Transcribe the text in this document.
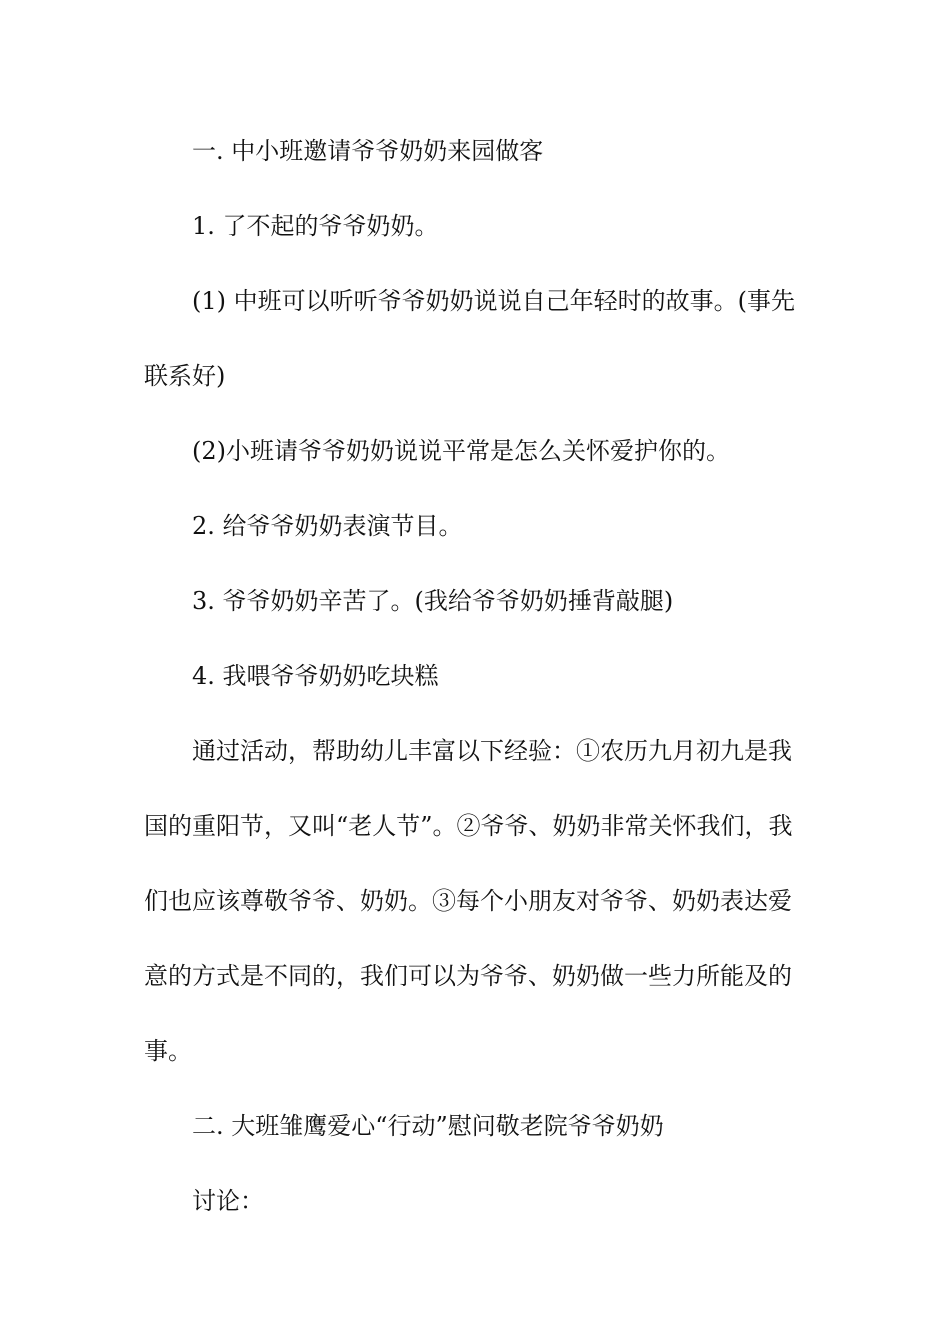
一. 中小班邀请爷爷奶奶来园做客

1. 了不起的爷爷奶奶。

(1) 中班可以听听爷爷奶奶说说自己年轻时的故事。(事先联系好)

(2)小班请爷爷奶奶说说平常是怎么关怀爱护你的。

2. 给爷爷奶奶表演节目。

3. 爷爷奶奶辛苦了。(我给爷爷奶奶捶背敲腿)

4. 我喂爷爷奶奶吃块糕

通过活动，帮助幼儿丰富以下经验：①农历九月初九是我国的重阳节，又叫“老人节”。②爷爷、奶奶非常关怀我们，我们也应该尊敬爷爷、奶奶。③每个小朋友对爷爷、奶奶表达爱意的方式是不同的，我们可以为爷爷、奶奶做一些力所能及的事。

二. 大班雏鹰爱心“行动”慰问敬老院爷爷奶奶

讨论：
